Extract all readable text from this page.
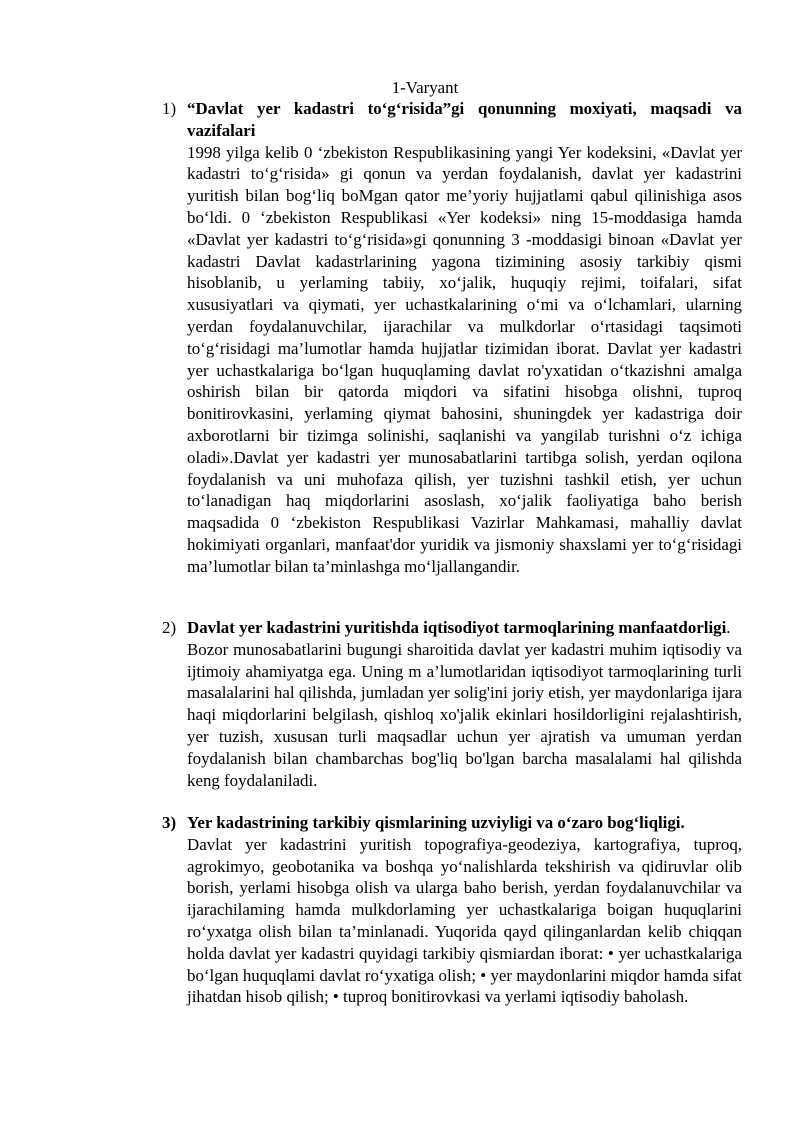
1-Varyant
1) “Davlat yer kadastri to‘g‘risida”gi qonunning moxiyati, maqsadi va vazifalari

1998 yilga kelib 0 ‘zbekiston Respublikasining yangi Yer kodeksini, «Davlat yer kadastri to‘g‘risida» gi qonun va yerdan foydalanish, davlat yer kadastrini yuritish bilan bog‘liq boMgan qator me’yoriy hujjatlami qabul qilinishiga asos bo‘ldi. 0 ‘zbekiston Respublikasi «Yer kodeksi» ning 15-moddasiga hamda «Davlat yer kadastri to‘g‘risida»gi qonunning 3 -moddasigi binoan «Davlat yer kadastri Davlat kadastrlarining yagona tizimining asosiy tarkibiy qismi hisoblanib, u yerlaming tabiiy, xo‘jalik, huquqiy rejimi, toifalari, sifat xususiyatlari va qiymati, yer uchastkalarining o‘mi va o‘lchamlari, ularning yerdan foydalanuvchilar, ijarachilar va mulkdorlar o‘rtasidagi taqsimoti to‘g‘risidagi ma’lumotlar hamda hujjatlar tizimidan iborat. Davlat yer kadastri yer uchastkalariga bo‘lgan huquqlaming davlat ro'yxatidan o‘tkazishni amalga oshirish bilan bir qatorda miqdori va sifatini hisobga olishni, tuproq bonitirovkasini, yerlaming qiymat bahosini, shuningdek yer kadastriga doir axborotlarni bir tizimga solinishi, saqlanishi va yangilab turishni o‘z ichiga oladi».Davlat yer kadastri yer munosabatlarini tartibga solish, yerdan oqilona foydalanish va uni muhofaza qilish, yer tuzishni tashkil etish, yer uchun to‘lanadigan haq miqdorlarini asoslash, xo‘jalik faoliyatiga baho berish maqsadida 0 ‘zbekiston Respublikasi Vazirlar Mahkamasi, mahalliy davlat hokimiyati organlari, manfaat'dor yuridik va jismoniy shaxslami yer to‘g‘risidagi ma’lumotlar bilan ta’minlashga mo‘ljallangandir.

2) Davlat yer kadastrini yuritishda iqtisodiyot tarmoqlarining manfaatdorligi.

Bozor munosabatlarini bugungi sharoitida davlat yer kadastri muhim iqtisodiy va ijtimoiy ahamiyatga ega. Uning m a’lumotlaridan iqtisodiyot tarmoqlarining turli masalalarini hal qilishda, jumladan yer solig'ini joriy etish, yer maydonlariga ijara haqi miqdorlarini belgilash, qishloq xo'jalik ekinlari hosildorligini rejalashtirish, yer tuzish, xususan turli maqsadlar uchun yer ajratish va umuman yerdan foydalanish bilan chambarchas bog'liq bo'lgan barcha masalalami hal qilishda keng foydalaniladi.

3) Yer kadastrining tarkibiy qismlarining uzviyligi va o‘zaro bog‘liqligi.

Davlat yer kadastrini yuritish topografiya-geodeziya, kartografiya, tuproq, agrokimyo, geobotanika va boshqa yo‘nalishlarda tekshirish va qidiruvlar olib borish, yerlami hisobga olish va ularga baho berish, yerdan foydalanuvchilar va ijarachilaming hamda mulkdorlaming yer uchastkalariga boigan huquqlarini ro‘yxatga olish bilan ta’minlanadi. Yuqorida qayd qilinganlardan kelib chiqqan holda davlat yer kadastri quyidagi tarkibiy qismiardan iborat: • yer uchastkalariga bo‘lgan huquqlami davlat ro‘yxatiga olish; • yer maydonlarini miqdor hamda sifat jihatdan hisob qilish; • tuproq bonitirovkasi va yerlami iqtisodiy baholash.
